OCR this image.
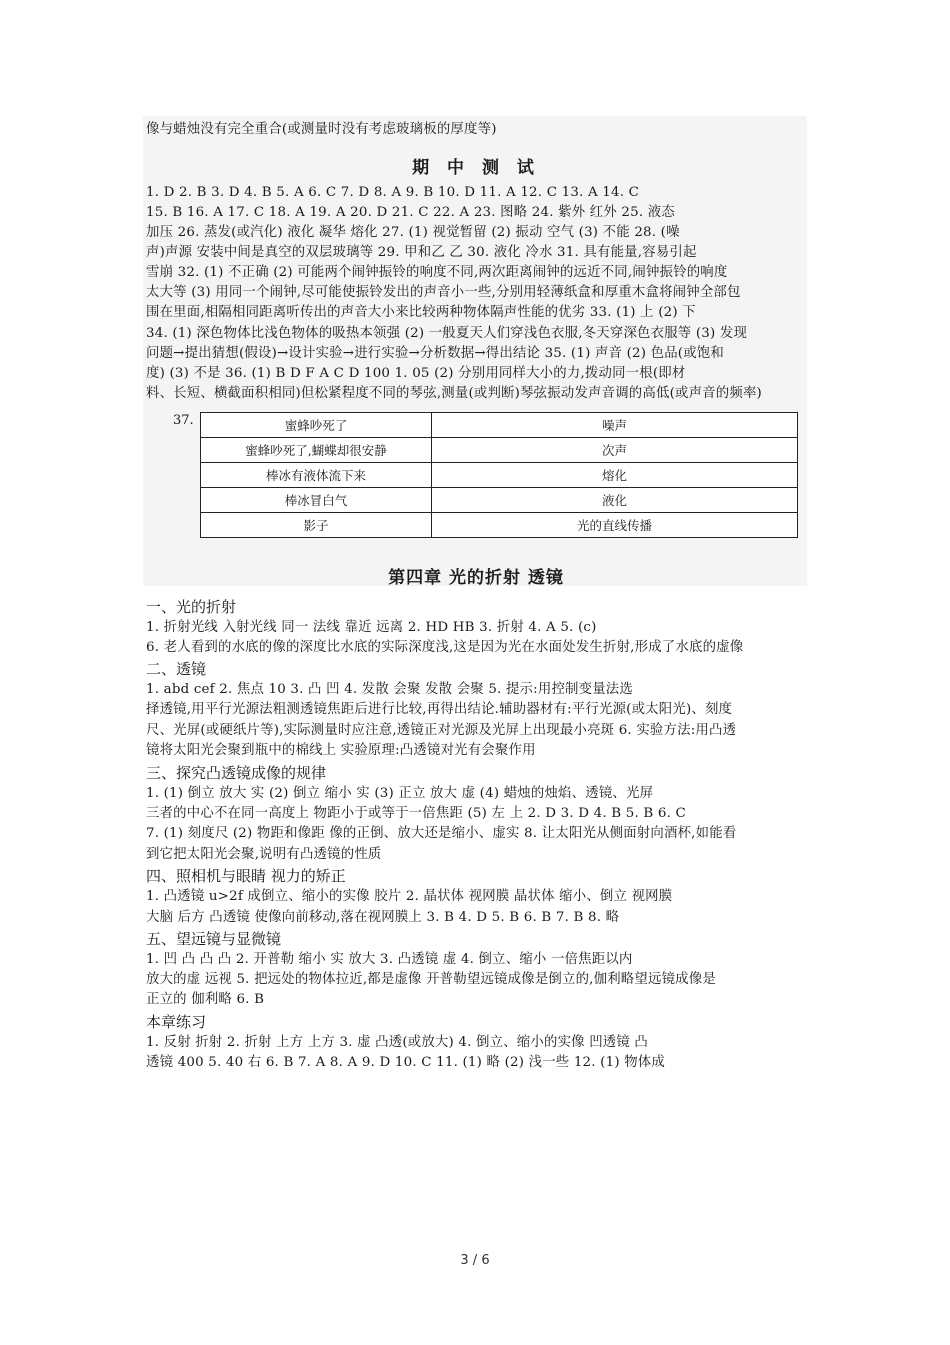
像与蜡烛没有完全重合(或测量时没有考虑玻璃板的厚度等)
期 中 测 试
1. D 2. B 3. D 4. B 5. A 6. C 7. D 8. A 9. B 10. D 11. A 12. C 13. A 14. C
15. B 16. A 17. C 18. A 19. A 20. D 21. C 22. A 23. 图略 24. 紫外 红外 25. 液态
加压 26. 蒸发(或汽化) 液化 凝华 熔化 27. (1) 视觉暂留 (2) 振动 空气 (3) 不能 28. (噪
声)声源 安装中间是真空的双层玻璃等 29. 甲和乙 乙 30. 液化 冷水 31. 具有能量,容易引起
雪崩 32. (1) 不正确 (2) 可能两个闹钟振铃的响度不同,两次距离闹钟的远近不同,闹钟振铃的响度
太大等 (3) 用同一个闹钟,尽可能使振铃发出的声音小一些,分别用轻薄纸盒和厚重木盒将闹钟全部包
围在里面,相隔相同距离听传出的声音大小来比较两种物体隔声性能的优劣 33. (1) 上 (2) 下
34. (1) 深色物体比浅色物体的吸热本领强 (2) 一般夏天人们穿浅色衣服,冬天穿深色衣服等 (3) 发现
问题→提出猜想(假设)→设计实验→进行实验→分析数据→得出结论 35. (1) 声音 (2) 色品(或饱和
度) (3) 不是 36. (1) B D F A C D 100 1. 05 (2) 分别用同样大小的力,拨动同一根(即材
料、长短、横截面积相同)但松紧程度不同的琴弦,测量(或判断)琴弦振动发声音调的高低(或声音的频率)
37.	蜜蜂吵死了	噪声
蜜蜂吵死了,蝴蝶却很安静	次声
棒冰有液体流下来	熔化
棒冰冒白气	液化
影子	光的直线传播
第四章 光的折射 透镜
一、光的折射
1. 折射光线 入射光线 同一 法线 靠近 远离 2. HD HB 3. 折射 4. A 5. (c)
6. 老人看到的水底的像的深度比水底的实际深度浅,这是因为光在水面处发生折射,形成了水底的虚像
二、透镜
1. abd cef 2. 焦点 10 3. 凸 凹 4. 发散 会聚 发散 会聚 5. 提示:用控制变量法选
择透镜,用平行光源法粗测透镜焦距后进行比较,再得出结论.辅助器材有:平行光源(或太阳光)、刻度
尺、光屏(或硬纸片等),实际测量时应注意,透镜正对光源及光屏上出现最小亮斑 6. 实验方法:用凸透
镜将太阳光会聚到瓶中的棉线上 实验原理:凸透镜对光有会聚作用
三、探究凸透镜成像的规律
1. (1) 倒立 放大 实 (2) 倒立 缩小 实 (3) 正立 放大 虚 (4) 蜡烛的烛焰、透镜、光屏
三者的中心不在同一高度上 物距小于或等于一倍焦距 (5) 左 上 2. D 3. D 4. B 5. B 6. C
7. (1) 刻度尺 (2) 物距和像距 像的正倒、放大还是缩小、虚实 8. 让太阳光从侧面射向酒杯,如能看
到它把太阳光会聚,说明有凸透镜的性质
四、照相机与眼睛 视力的矫正
1. 凸透镜 u>2f 成倒立、缩小的实像 胶片 2. 晶状体 视网膜 晶状体 缩小、倒立 视网膜
大脑 后方 凸透镜 使像向前移动,落在视网膜上 3. B 4. D 5. B 6. B 7. B 8. 略
五、望远镜与显微镜
1. 凹 凸 凸 凸 2. 开普勒 缩小 实 放大 3. 凸透镜 虚 4. 倒立、缩小 一倍焦距以内
放大的虚 远视 5. 把远处的物体拉近,都是虚像 开普勒望远镜成像是倒立的,伽利略望远镜成像是
正立的 伽利略 6. B
本章练习
1. 反射 折射 2. 折射 上方 上方 3. 虚 凸透(或放大) 4. 倒立、缩小的实像 凹透镜 凸
透镜 400 5. 40 右 6. B 7. A 8. A 9. D 10. C 11. (1) 略 (2) 浅一些 12. (1) 物体成
3 / 6
